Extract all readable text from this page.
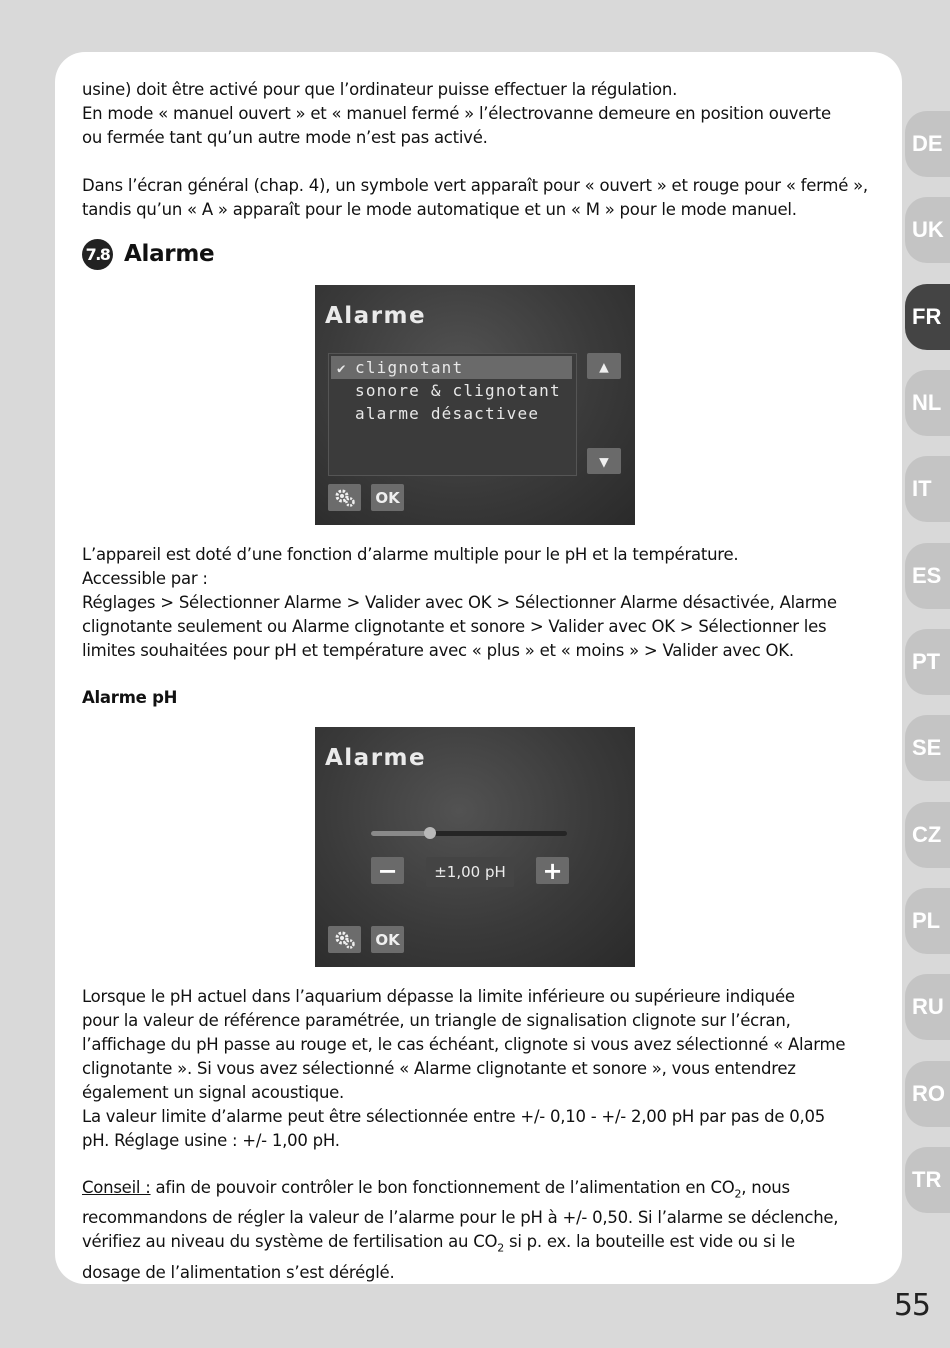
usine) doit être activé pour que l’ordinateur puisse effectuer la régulation.

En mode « manuel ouvert » et « manuel fermé » l’électrovanne demeure en position ouverte

ou fermée tant qu’un autre mode n’est pas activé.

Dans l’écran général (chap. 4), un symbole vert apparaît pour « ouvert » et rouge pour « fermé »,

tandis qu’un « A » apparaît pour le mode automatique et un « M » pour le mode manuel.

7.8 Alarme
Alarme
✔ clignotant
sonore & clignotant
alarme désactivee
▲
▼
OK

L’appareil est doté d’une fonction d’alarme multiple pour le pH et la température.

Accessible par :

Réglages > Sélectionner Alarme > Valider avec OK > Sélectionner Alarme désactivée, Alarme

clignotante seulement ou Alarme clignotante et sonore > Valider avec OK > Sélectionner les

limites souhaitées pour pH et température avec « plus » et « moins » > Valider avec OK.

Alarme pH
Alarme
−	±1,00 pH	+
OK

Lorsque le pH actuel dans l’aquarium dépasse la limite inférieure ou supérieure indiquée

pour la valeur de référence paramétrée, un triangle de signalisation clignote sur l’écran,

l’affichage du pH passe au rouge et, le cas échéant, clignote si vous avez sélectionné « Alarme

clignotante ». Si vous avez sélectionné « Alarme clignotante et sonore », vous entendrez

également un signal acoustique.

La valeur limite d’alarme peut être sélectionnée entre +/- 0,10 - +/- 2,00 pH par pas de 0,05

pH. Réglage usine : +/- 1,00 pH.

Conseil : afin de pouvoir contrôler le bon fonctionnement de l’alimentation en $CO_2$, nous

recommandons de régler la valeur de l’alarme pour le pH à +/- 0,50. Si l’alarme se déclenche,

vérifiez au niveau du système de fertilisation au $CO_2$ si p. ex. la bouteille est vide ou si le

dosage de l’alimentation s’est déréglé.

DE
UK
FR
NL
IT
ES
PT
SE
CZ
PL
RU
RO
TR
55
